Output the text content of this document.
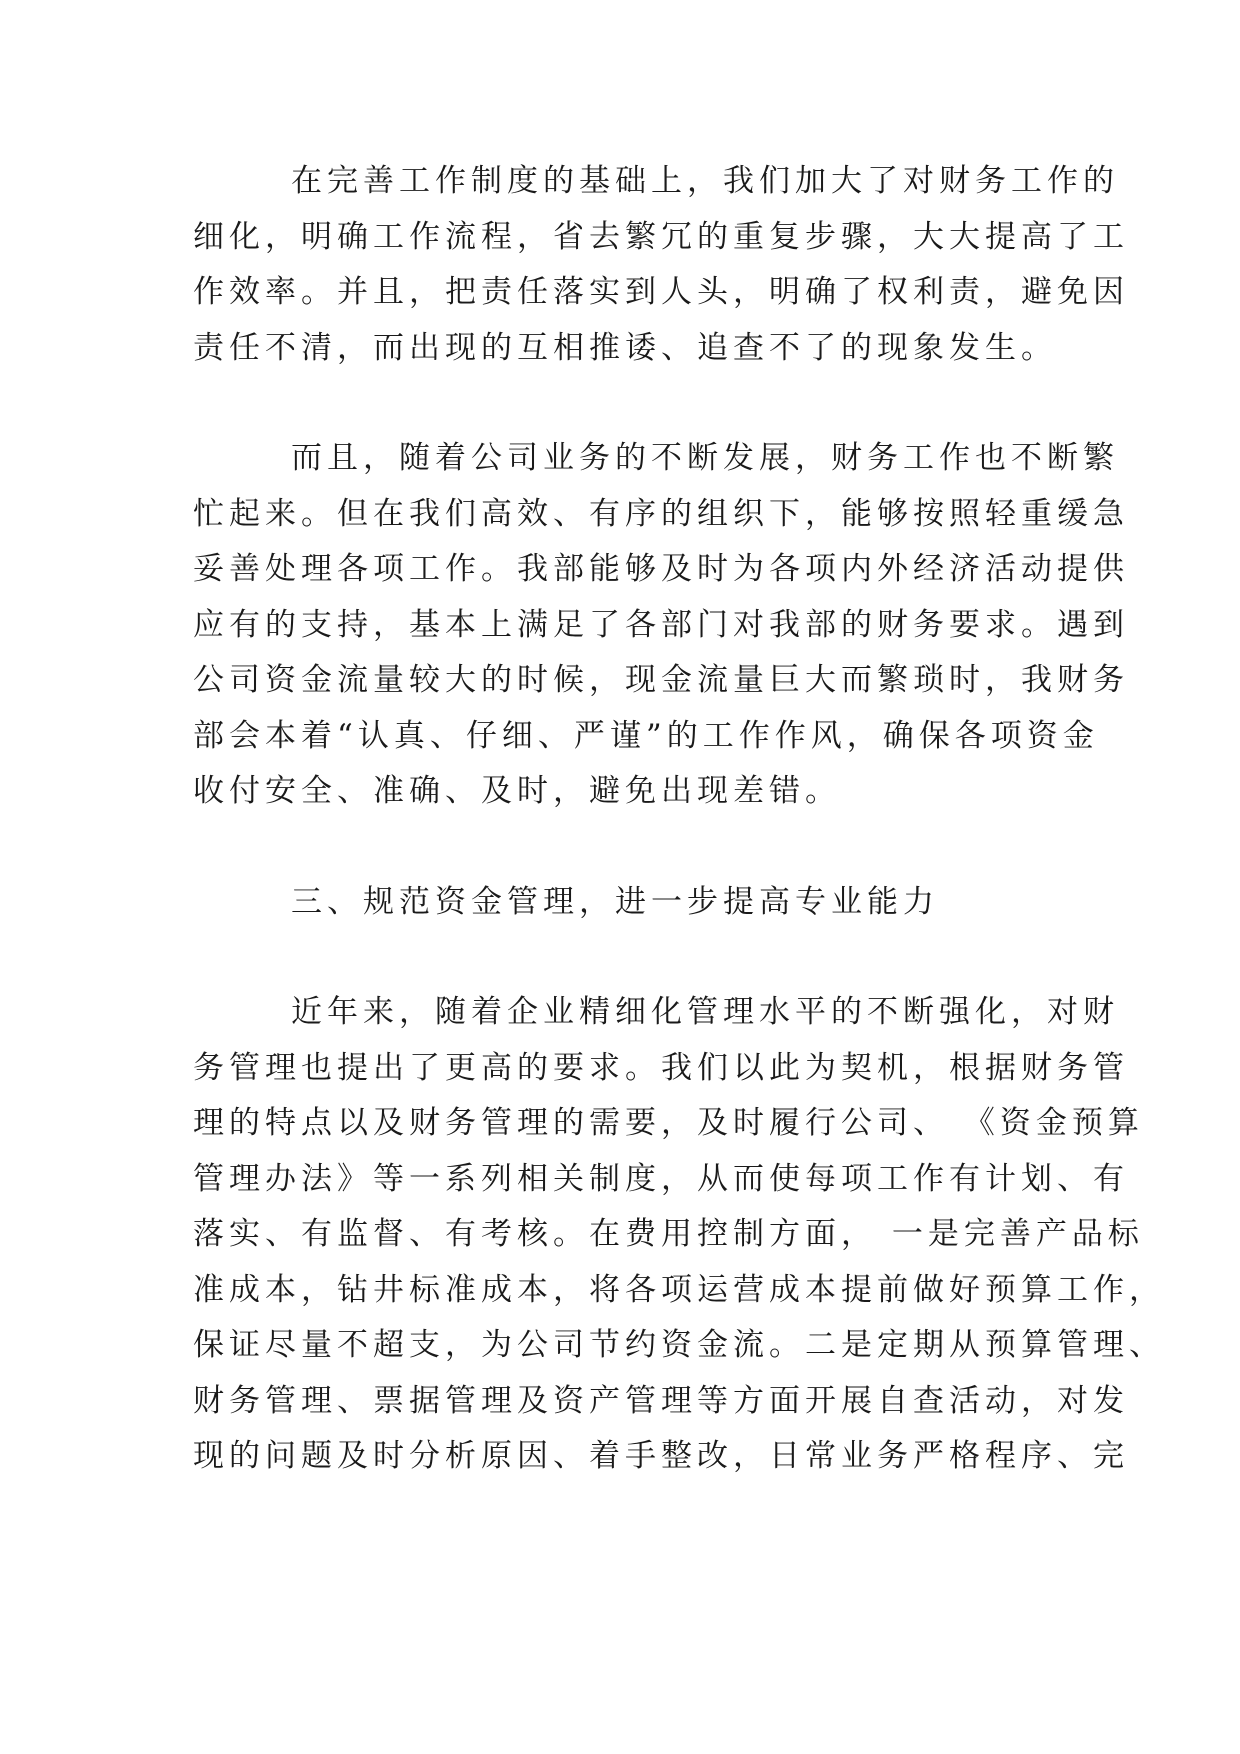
在完善工作制度的基础上，我们加大了对财务工作的
细化，明确工作流程，省去繁冗的重复步骤，大大提高了工
作效率。并且，把责任落实到人头，明确了权利责，避免因
责任不清，而出现的互相推诿、追查不了的现象发生。

而且，随着公司业务的不断发展，财务工作也不断繁
忙起来。但在我们高效、有序的组织下，能够按照轻重缓急
妥善处理各项工作。我部能够及时为各项内外经济活动提供
应有的支持，基本上满足了各部门对我部的财务要求。遇到
公司资金流量较大的时候，现金流量巨大而繁琐时，我财务
部会本着“认真、仔细、严谨”的工作作风，确保各项资金
收付安全、准确、及时，避免出现差错。

三、规范资金管理，进一步提高专业能力

近年来，随着企业精细化管理水平的不断强化，对财
务管理也提出了更高的要求。我们以此为契机，根据财务管
理的特点以及财务管理的需要，及时履行公司、 《资金预算
管理办法》等一系列相关制度，从而使每项工作有计划、有
落实、有监督、有考核。在费用控制方面， 一是完善产品标
准成本，钻井标准成本，将各项运营成本提前做好预算工作，
保证尽量不超支，为公司节约资金流。二是定期从预算管理、
财务管理、票据管理及资产管理等方面开展自查活动，对发
现的问题及时分析原因、着手整改，日常业务严格程序、完
